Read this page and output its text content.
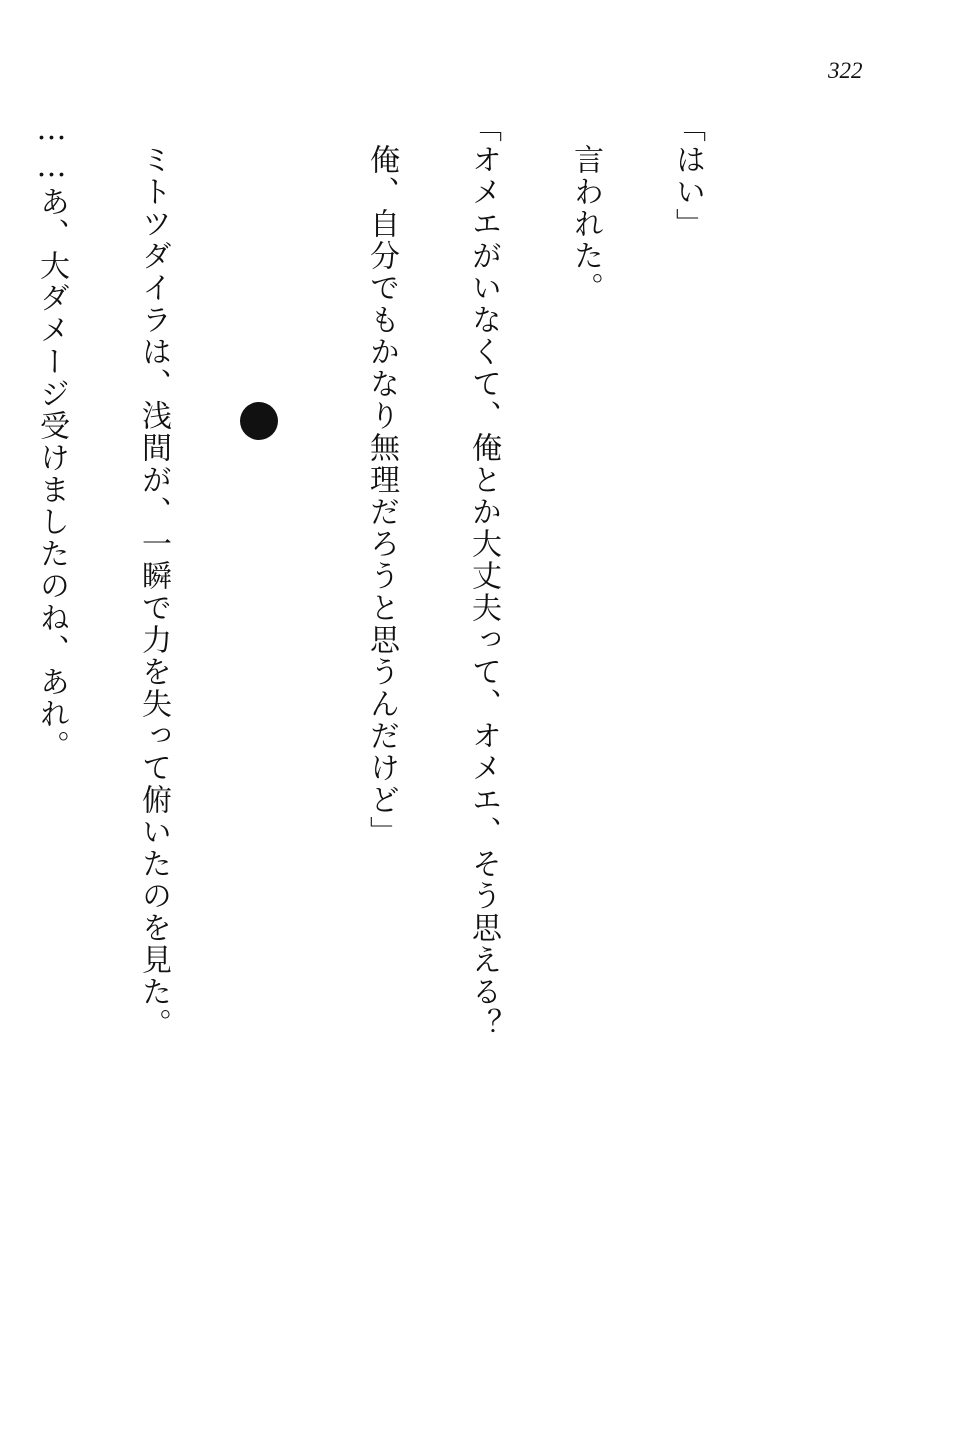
322

「はい」

　言われた。

「オメエがいなくて、俺とか大丈夫って、オメエ、そう思える？

　俺、自分でもかなり無理だろうと思うんだけど」

　ミトツダイラは、浅間が、一瞬で力を失って俯いたのを見た。

……あ、大ダメージ受けましたのね、あれ。
